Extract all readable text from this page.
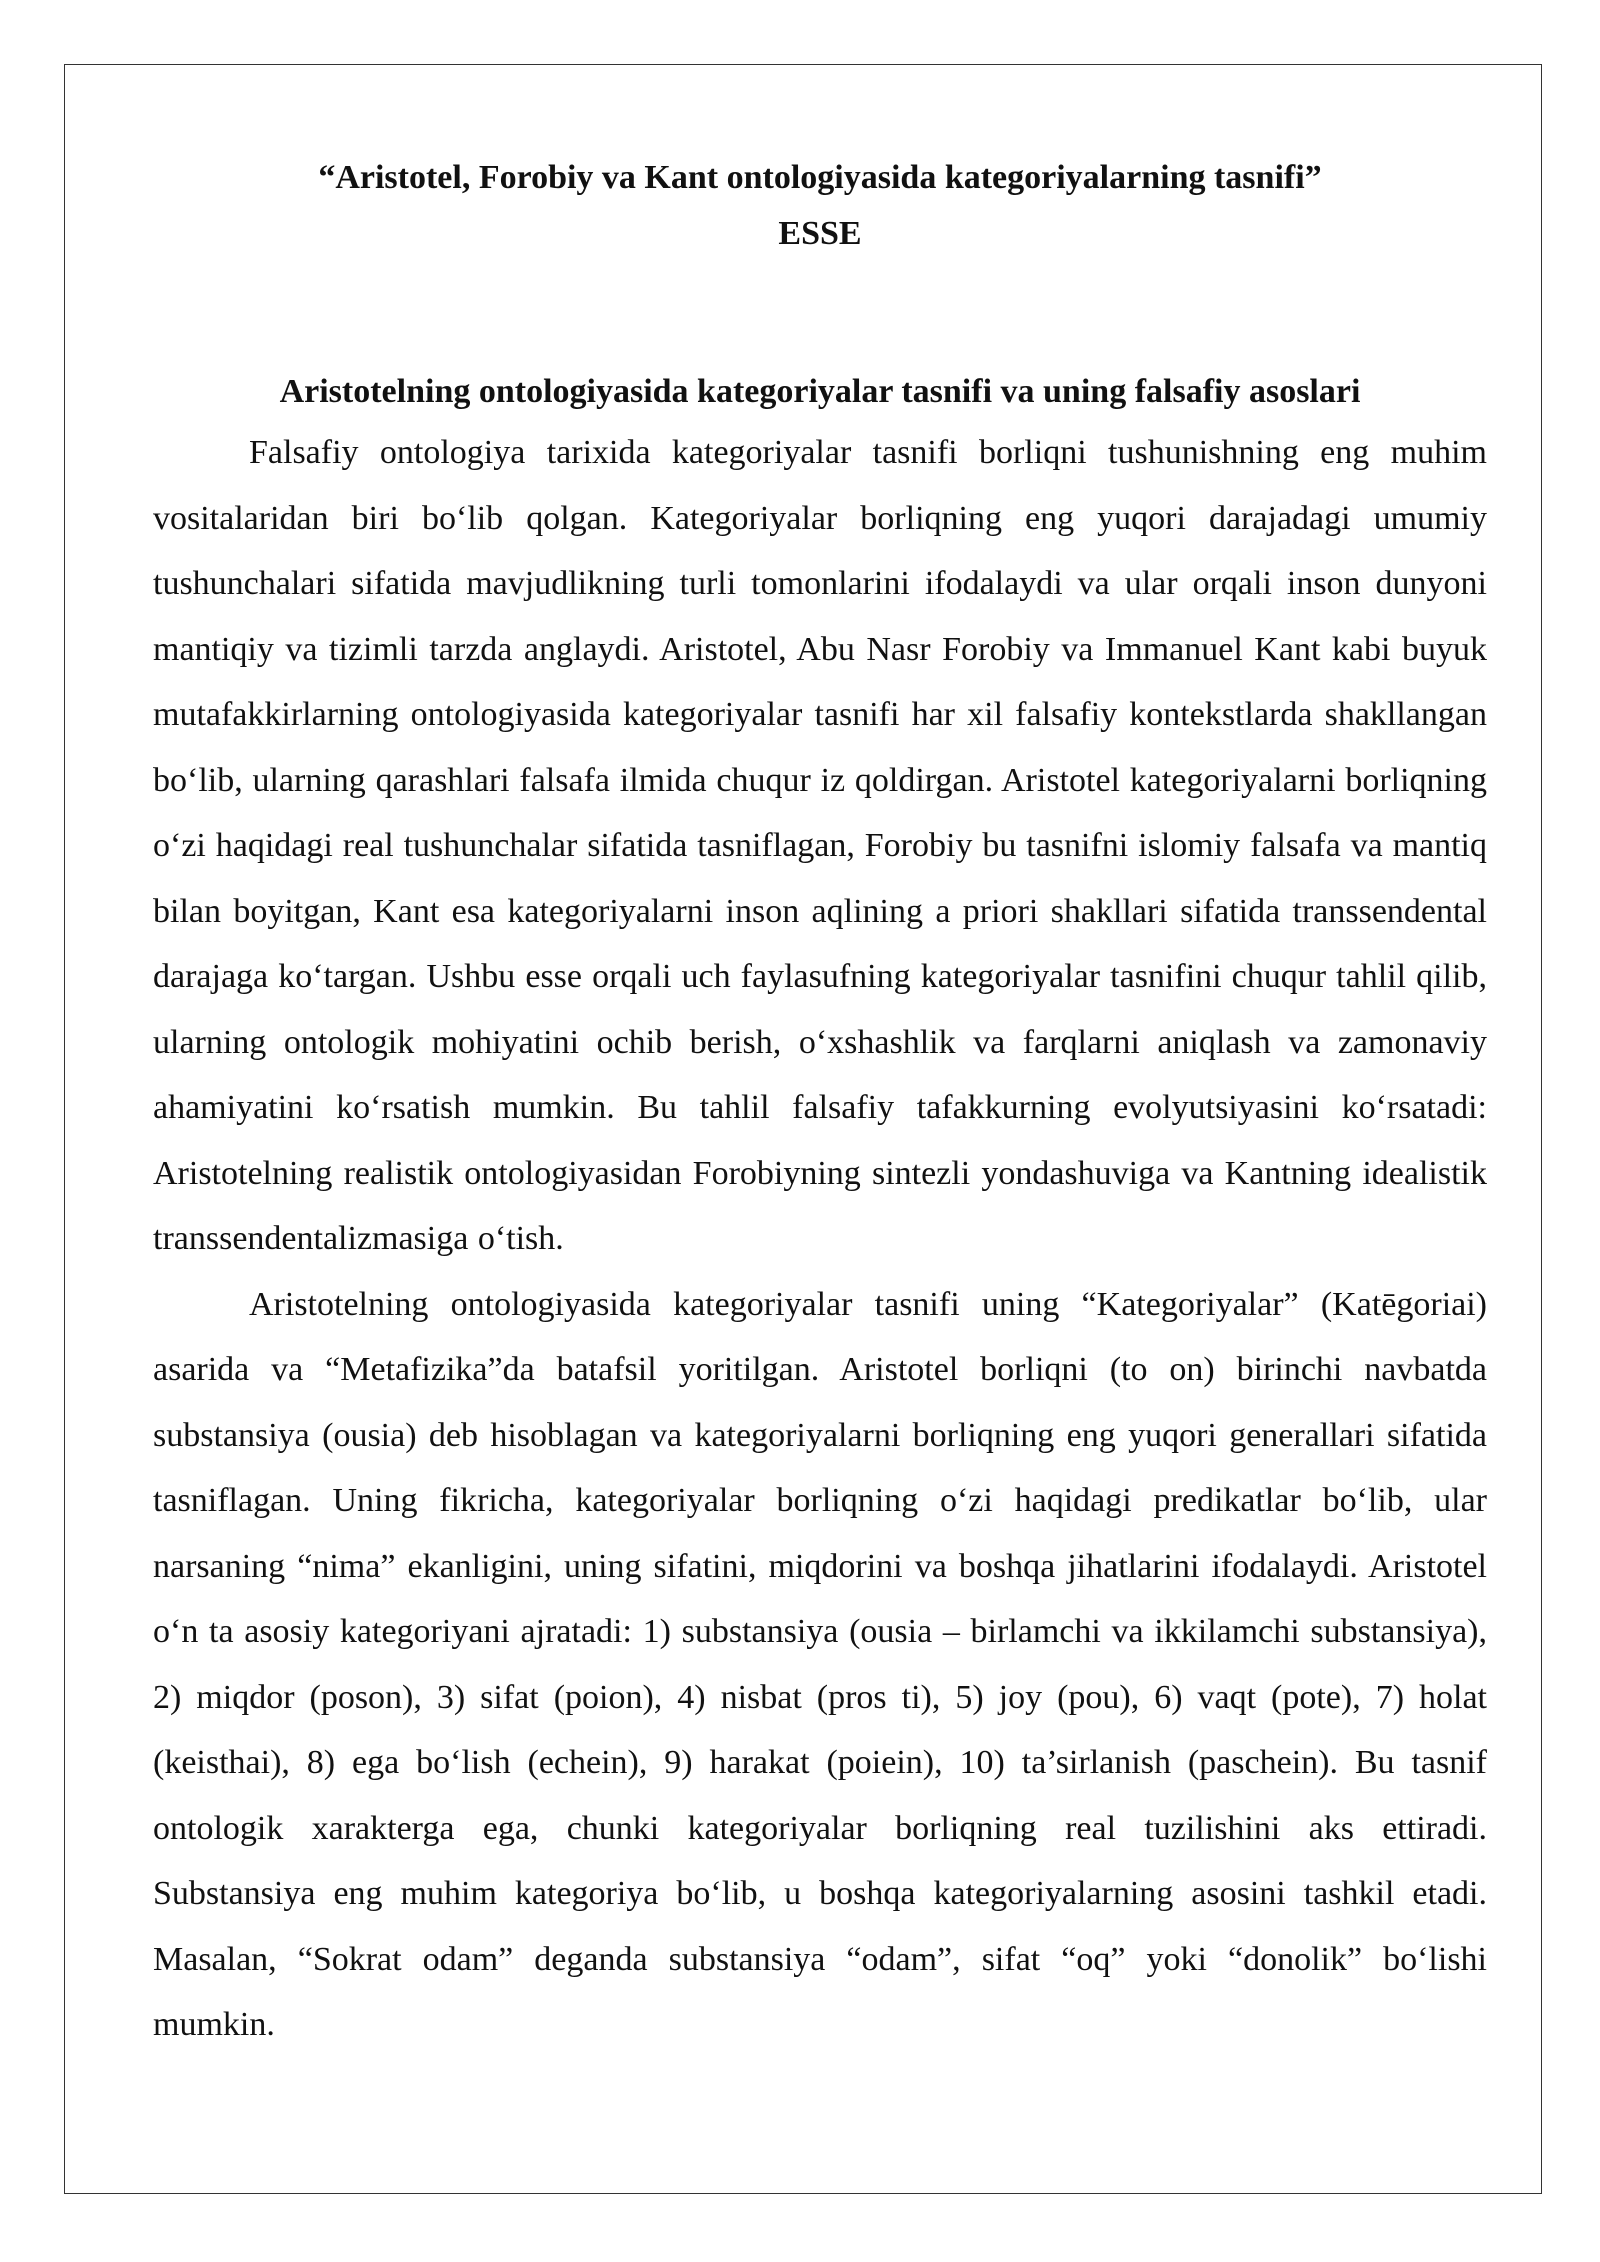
“Aristotel, Forobiy va Kant ontologiyasida kategoriyalarning tasnifi”

ESSE

Aristotelning ontologiyasida kategoriyalar tasnifi va uning falsafiy asoslari

Falsafiy ontologiya tarixida kategoriyalar tasnifi borliqni tushunishning eng muhim vositalaridan biri bo‘lib qolgan. Kategoriyalar borliqning eng yuqori darajadagi umumiy tushunchalari sifatida mavjudlikning turli tomonlarini ifodalaydi va ular orqali inson dunyoni mantiqiy va tizimli tarzda anglaydi. Aristotel, Abu Nasr Forobiy va Immanuel Kant kabi buyuk mutafakkirlarning ontologiyasida kategoriyalar tasnifi har xil falsafiy kontekstlarda shakllangan bo‘lib, ularning qarashlari falsafa ilmida chuqur iz qoldirgan. Aristotel kategoriyalarni borliqning o‘zi haqidagi real tushunchalar sifatida tasniflagan, Forobiy bu tasnifni islomiy falsafa va mantiq bilan boyitgan, Kant esa kategoriyalarni inson aqlining a priori shakllari sifatida transsendental darajaga ko‘targan. Ushbu esse orqali uch faylasufning kategoriyalar tasnifini chuqur tahlil qilib, ularning ontologik mohiyatini ochib berish, o‘xshashlik va farqlarni aniqlash va zamonaviy ahamiyatini ko‘rsatish mumkin. Bu tahlil falsafiy tafakkurning evolyutsiyasini ko‘rsatadi: Aristotelning realistik ontologiyasidan Forobiyning sintezli yondashuviga va Kantning idealistik transsendentalizmasiga o‘tish.

Aristotelning ontologiyasida kategoriyalar tasnifi uning “Kategoriyalar” (Katēgoriai) asarida va “Metafizika”da batafsil yoritilgan. Aristotel borliqni (to on) birinchi navbatda substansiya (ousia) deb hisoblagan va kategoriyalarni borliqning eng yuqori generallari sifatida tasniflagan. Uning fikricha, kategoriyalar borliqning o‘zi haqidagi predikatlar bo‘lib, ular narsaning “nima” ekanligini, uning sifatini, miqdorini va boshqa jihatlarini ifodalaydi. Aristotel o‘n ta asosiy kategoriyani ajratadi: 1) substansiya (ousia – birlamchi va ikkilamchi substansiya), 2) miqdor (poson), 3) sifat (poion), 4) nisbat (pros ti), 5) joy (pou), 6) vaqt (pote), 7) holat (keisthai), 8) ega bo‘lish (echein), 9) harakat (poiein), 10) ta’sirlanish (paschein). Bu tasnif ontologik xarakterga ega, chunki kategoriyalar borliqning real tuzilishini aks ettiradi. Substansiya eng muhim kategoriya bo‘lib, u boshqa kategoriyalarning asosini tashkil etadi. Masalan, “Sokrat odam” deganda substansiya “odam”, sifat “oq” yoki “donolik” bo‘lishi mumkin.
